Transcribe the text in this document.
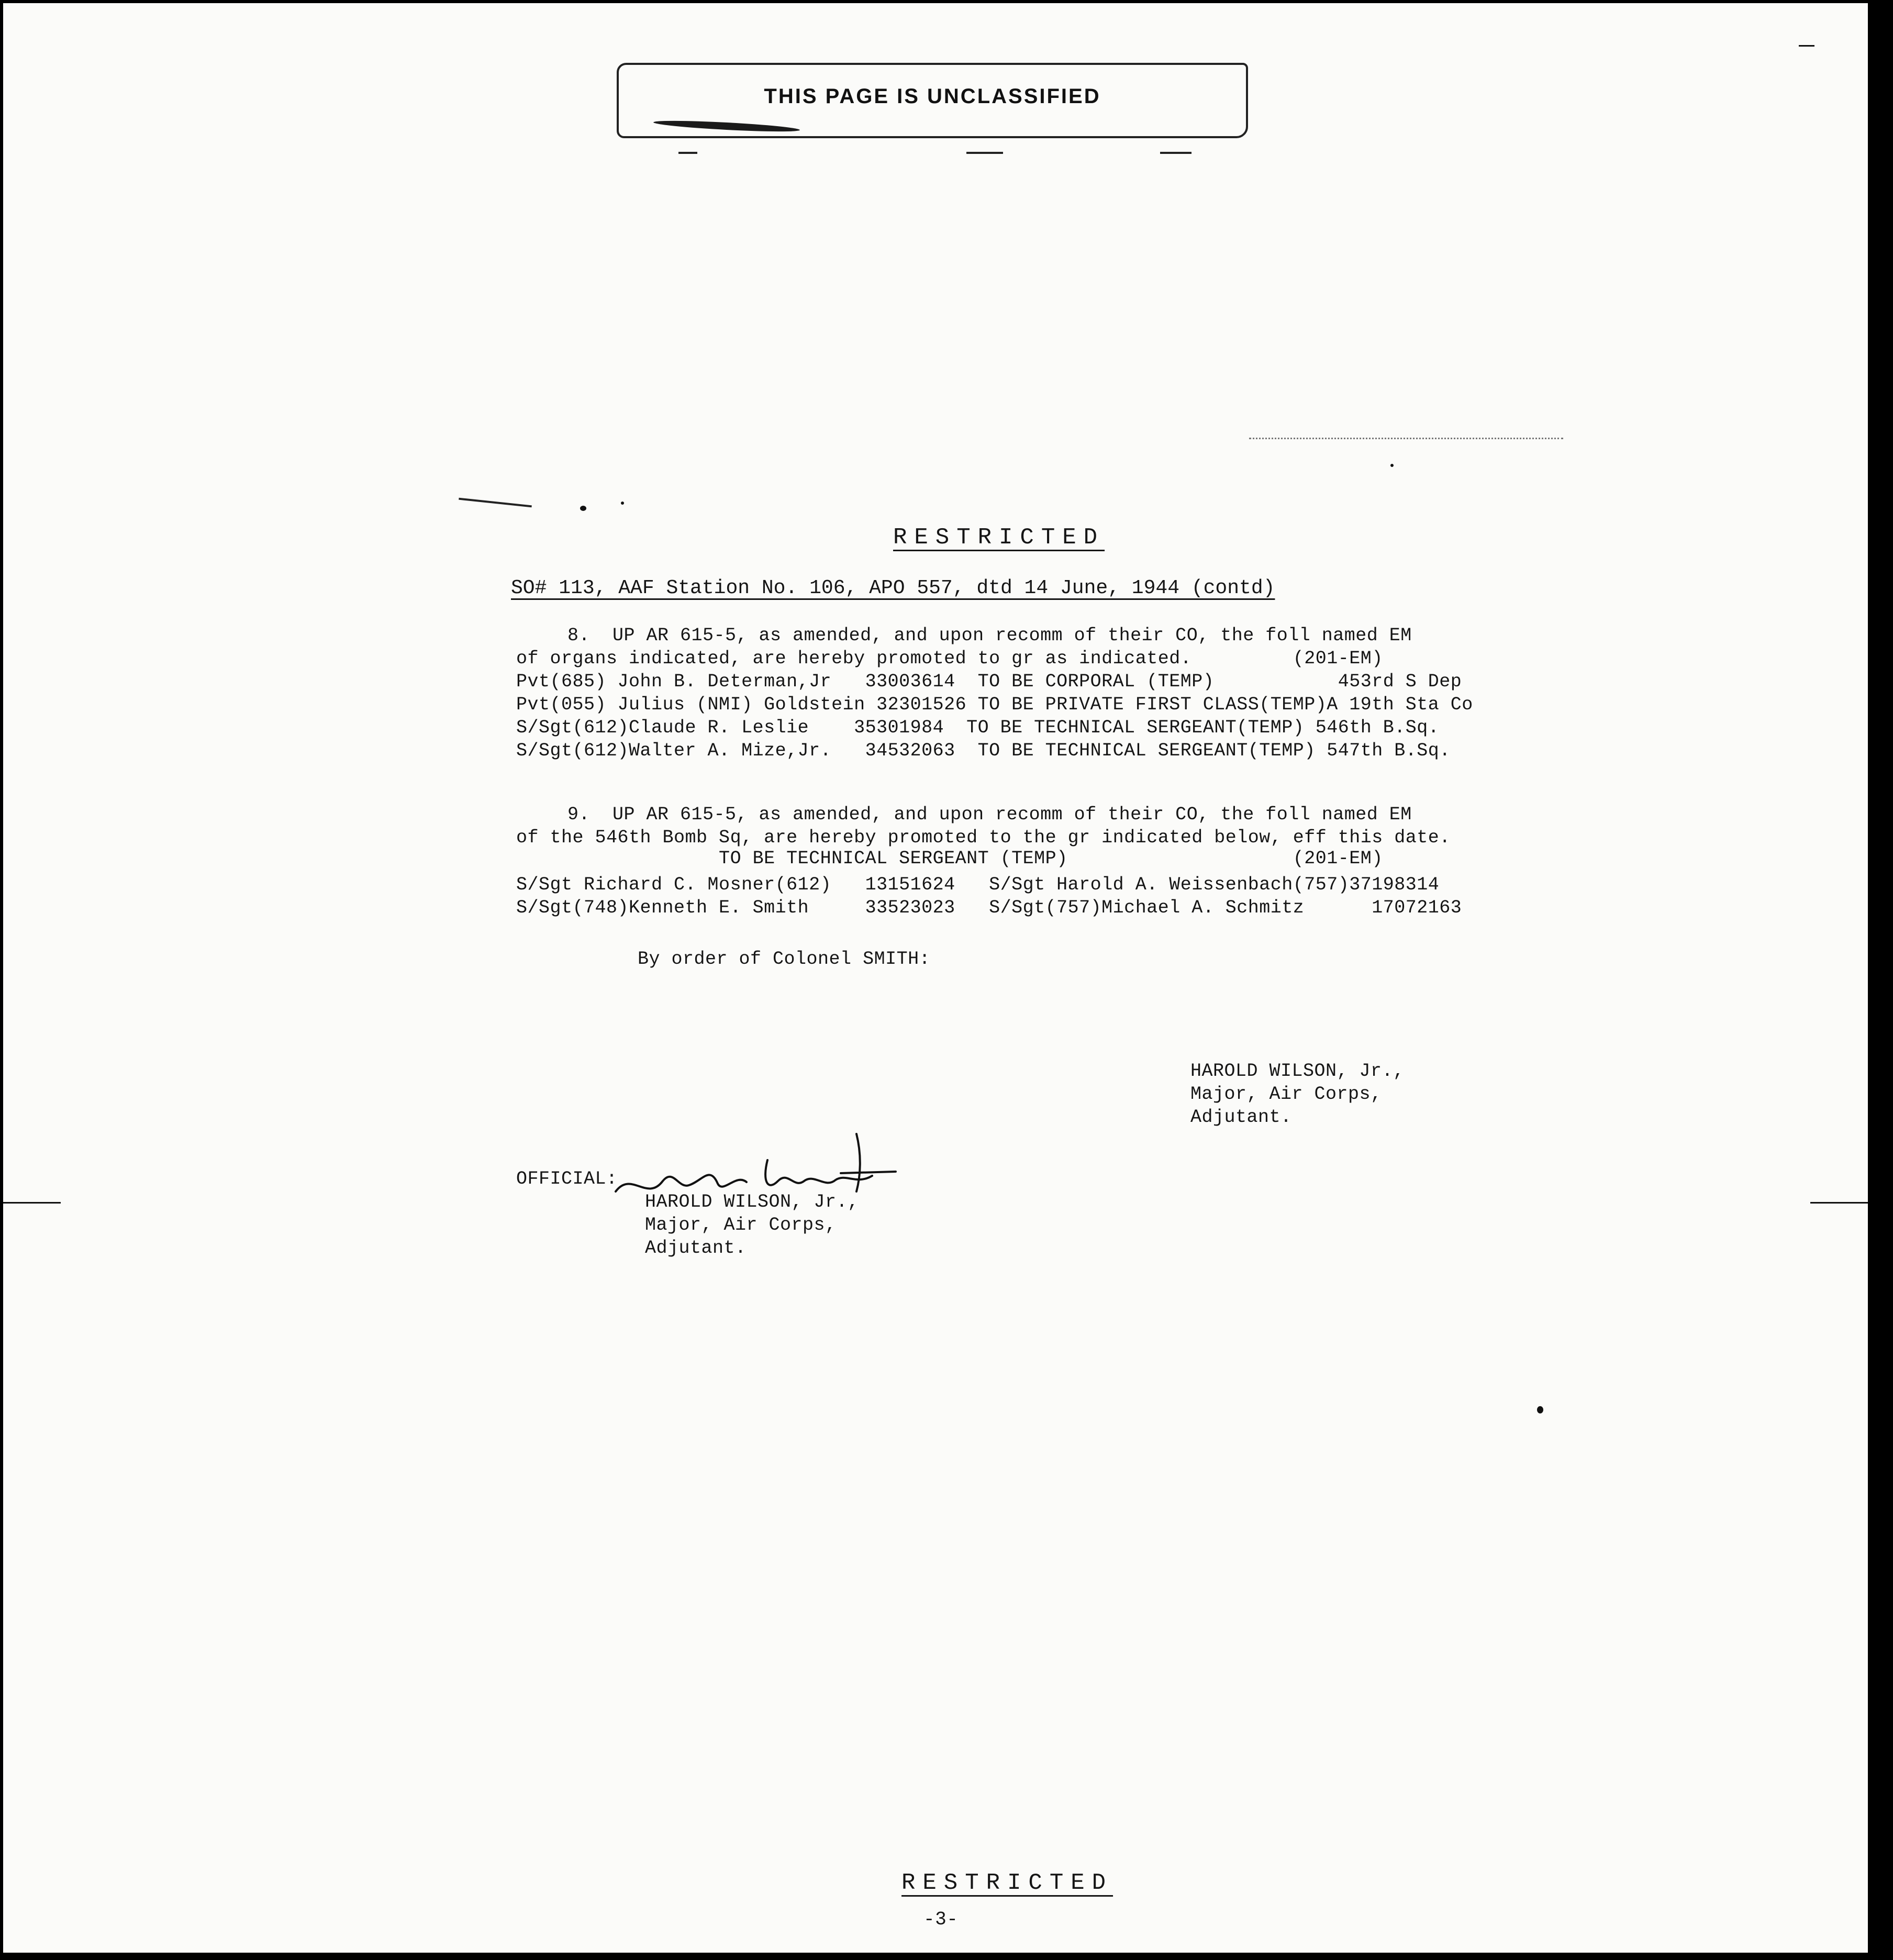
THIS PAGE IS UNCLASSIFIED
RESTRICTED
SO# 113, AAF Station No. 106, APO 557, dtd 14 June, 1944 (contd)
8.  UP AR 615-5, as amended, and upon recomm of their CO, the foll named EM
of organs indicated, are hereby promoted to gr as indicated.         (201-EM)
Pvt(685) John B. Determan,Jr   33003614  TO BE CORPORAL (TEMP)           453rd S Dep
Pvt(055) Julius (NMI) Goldstein 32301526 TO BE PRIVATE FIRST CLASS(TEMP)A 19th Sta Co
S/Sgt(612)Claude R. Leslie    35301984  TO BE TECHNICAL SERGEANT(TEMP) 546th B.Sq.
S/Sgt(612)Walter A. Mize,Jr.   34532063  TO BE TECHNICAL SERGEANT(TEMP) 547th B.Sq.
9.  UP AR 615-5, as amended, and upon recomm of their CO, the foll named EM
of the 546th Bomb Sq, are hereby promoted to the gr indicated below, eff this date.
TO BE TECHNICAL SERGEANT (TEMP)                    (201-EM)
S/Sgt Richard C. Mosner(612)   13151624   S/Sgt Harold A. Weissenbach(757)37198314
S/Sgt(748)Kenneth E. Smith     33523023   S/Sgt(757)Michael A. Schmitz      17072163
By order of Colonel SMITH:
HAROLD WILSON, Jr.,
Major, Air Corps,
Adjutant.
OFFICIAL:
HAROLD WILSON, Jr.,
Major, Air Corps,
Adjutant.
RESTRICTED
-3-
